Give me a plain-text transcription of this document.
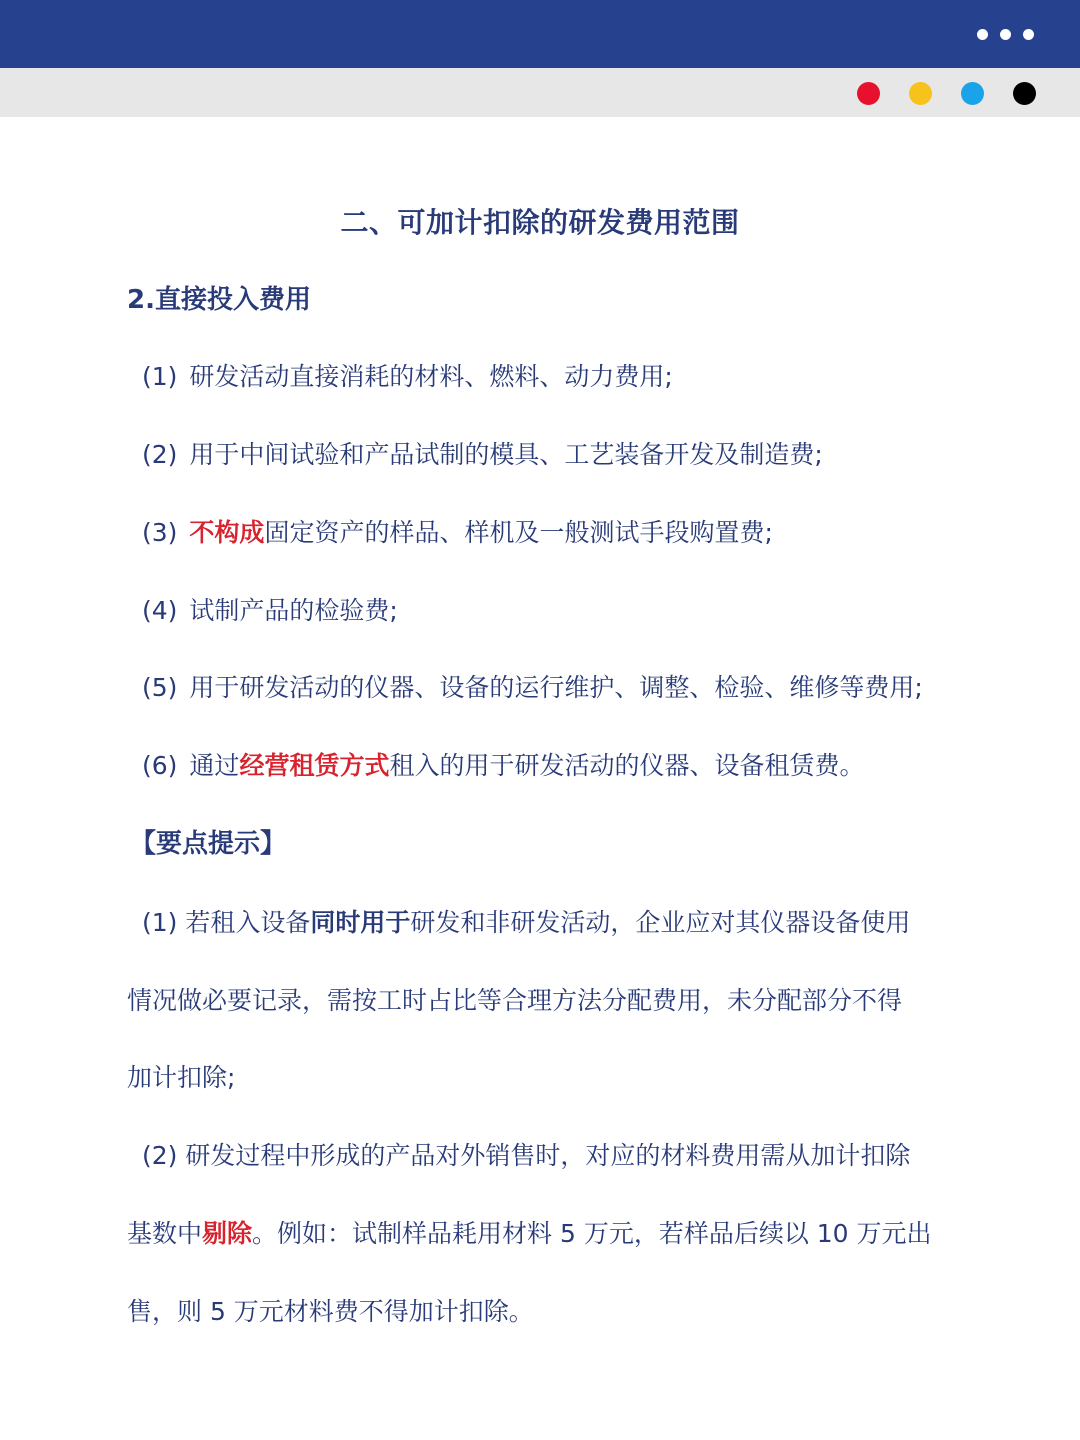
二、可加计扣除的研发费用范围
2.直接投入费用
(1) 研发活动直接消耗的材料、燃料、动力费用;
(2) 用于中间试验和产品试制的模具、工艺装备开发及制造费;
(3) 不构成固定资产的样品、样机及一般测试手段购置费;
(4) 试制产品的检验费;
(5) 用于研发活动的仪器、设备的运行维护、调整、检验、维修等费用;
(6) 通过经营租赁方式租入的用于研发活动的仪器、设备租赁费。
【要点提示】
(1) 若租入设备同时用于研发和非研发活动，企业应对其仪器设备使用
情况做必要记录，需按工时占比等合理方法分配费用，未分配部分不得
加计扣除;
(2) 研发过程中形成的产品对外销售时，对应的材料费用需从加计扣除
基数中剔除。例如：试制样品耗用材料 5 万元，若样品后续以 10 万元出
售，则 5 万元材料费不得加计扣除。
